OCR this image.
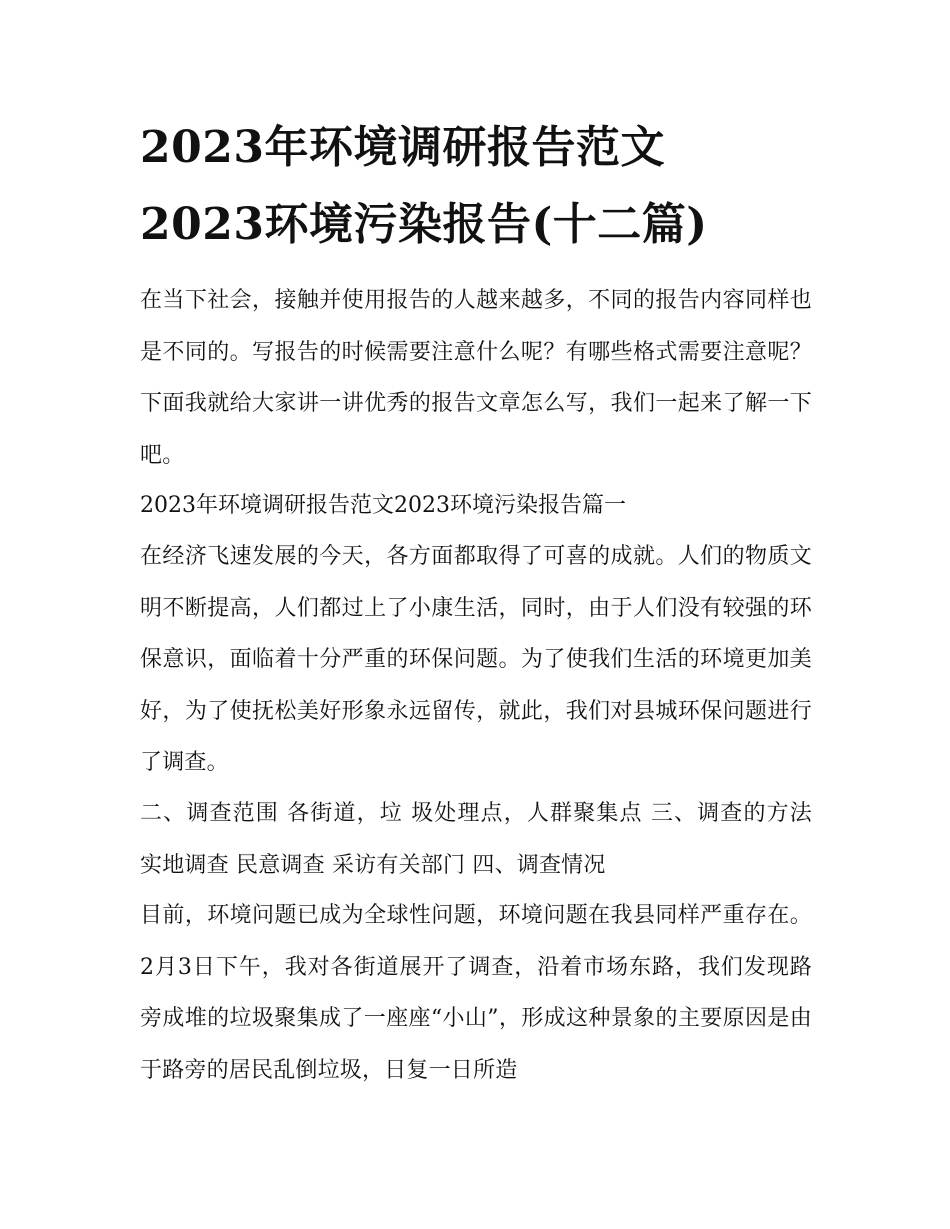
2023年环境调研报告范文
2023环境污染报告(十二篇)

在当下社会，接触并使用报告的人越来越多，不同的报告内容同样也是不同的。写报告的时候需要注意什么呢？有哪些格式需要注意呢？下面我就给大家讲一讲优秀的报告文章怎么写，我们一起来了解一下吧。

2023年环境调研报告范文2023环境污染报告篇一

在经济飞速发展的今天，各方面都取得了可喜的成就。人们的物质文明不断提高，人们都过上了小康生活，同时，由于人们没有较强的环保意识，面临着十分严重的环保问题。为了使我们生活的环境更加美好，为了使抚松美好形象永远留传，就此，我们对县城环保问题进行了调查。

二、调查范围 各街道，垃 圾处理点，人群聚集点 三、调查的方法 实地调查 民意调查 采访有关部门 四、调查情况

目前，环境问题已成为全球性问题，环境问题在我县同样严重存在。2月3日下午，我对各街道展开了调查，沿着市场东路，我们发现路旁成堆的垃圾聚集成了一座座“小山”，形成这种景象的主要原因是由于路旁的居民乱倒垃圾，日复一日所造
